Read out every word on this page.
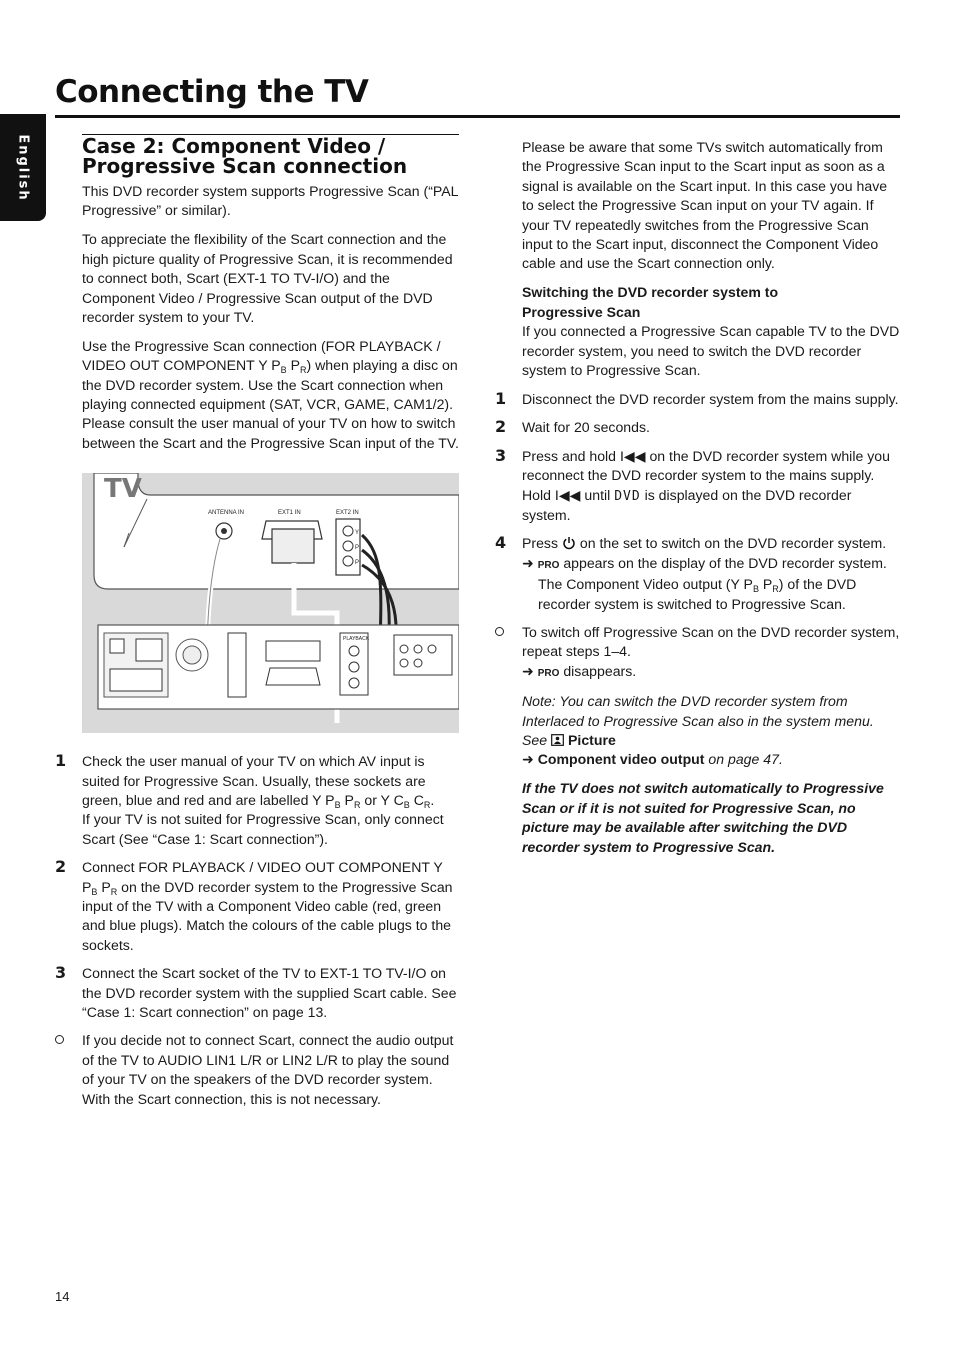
Connecting the TV
English	Case 2: Component Video /
Progressive Scan connection

This DVD recorder system supports Progressive Scan (“PAL Progressive” or similar).

To appreciate the flexibility of the Scart connection and the high picture quality of Progressive Scan, it is recommended to connect both, Scart (EXT-1 TO TV-I/O) and the Component Video / Progressive Scan output of the DVD recorder system to your TV.

Use the Progressive Scan connection (FOR PLAYBACK / VIDEO OUT COMPONENT Y $P_B$ $P_R$) when playing a disc on the DVD recorder system. Use the Scart connection when playing connected equipment (SAT, VCR, GAME, CAM1/2). Please consult the user manual of your TV on how to switch between the Scart and the Progressive Scan input of the TV.

TV
ANTENNA IN	EXT1 IN	EXT2 IN
Y
P
P
PLAYBACK
1 Check the user manual of your TV on which AV input is suited for Progressive Scan. Usually, these sockets are green, blue and red and are labelled Y $P_B$ $P_R$ or Y $C_B$ $C_R$.
If your TV is not suited for Progressive Scan, only connect Scart (See “Case 1: Scart connection”).
2 Connect FOR PLAYBACK / VIDEO OUT COMPONENT Y $P_B$ $P_R$ on the DVD recorder system to the Progressive Scan input of the TV with a Component Video cable (red, green and blue plugs). Match the colours of the cable plugs to the sockets.
3 Connect the Scart socket of the TV to EXT-1 TO TV-I/O on the DVD recorder system with the supplied Scart cable. See “Case 1: Scart connection” on page 13.
If you decide not to connect Scart, connect the audio output of the TV to AUDIO LIN1 L/R or LIN2 L/R to play the sound of your TV on the speakers of the DVD recorder system. With the Scart connection, this is not necessary.

Please be aware that some TVs switch automatically from the Progressive Scan input to the Scart input as soon as a signal is available on the Scart input. In this case you have to select the Progressive Scan input on your TV again. If your TV repeatedly switches from the Progressive Scan input to the Scart input, disconnect the Component Video cable and use the Scart connection only.

Switching the DVD recorder system to
Progressive Scan

If you connected a Progressive Scan capable TV to the DVD recorder system, you need to switch the DVD recorder system to Progressive Scan.

1 Disconnect the DVD recorder system from the mains supply.
2 Wait for 20 seconds.
3 Press and hold I◀◀ on the DVD recorder system while you reconnect the DVD recorder system to the mains supply. Hold I◀◀ until DVD is displayed on the DVD recorder system.
4 Press  on the set to switch on the DVD recorder system.
➜ PRO appears on the display of the DVD recorder system. The Component Video output (Y $P_B$ $P_R$) of the DVD recorder system is switched to Progressive Scan.
To switch off Progressive Scan on the DVD recorder system, repeat steps 1–4.
➜ PRO disappears.

Note: You can switch the DVD recorder system from Interlaced to Progressive Scan also in the system menu. See Picture
➜ Component video output on page 47.

If the TV does not switch automatically to Progressive Scan or if it is not suited for Progressive Scan, no picture may be available after switching the DVD recorder system to Progressive Scan.

14
